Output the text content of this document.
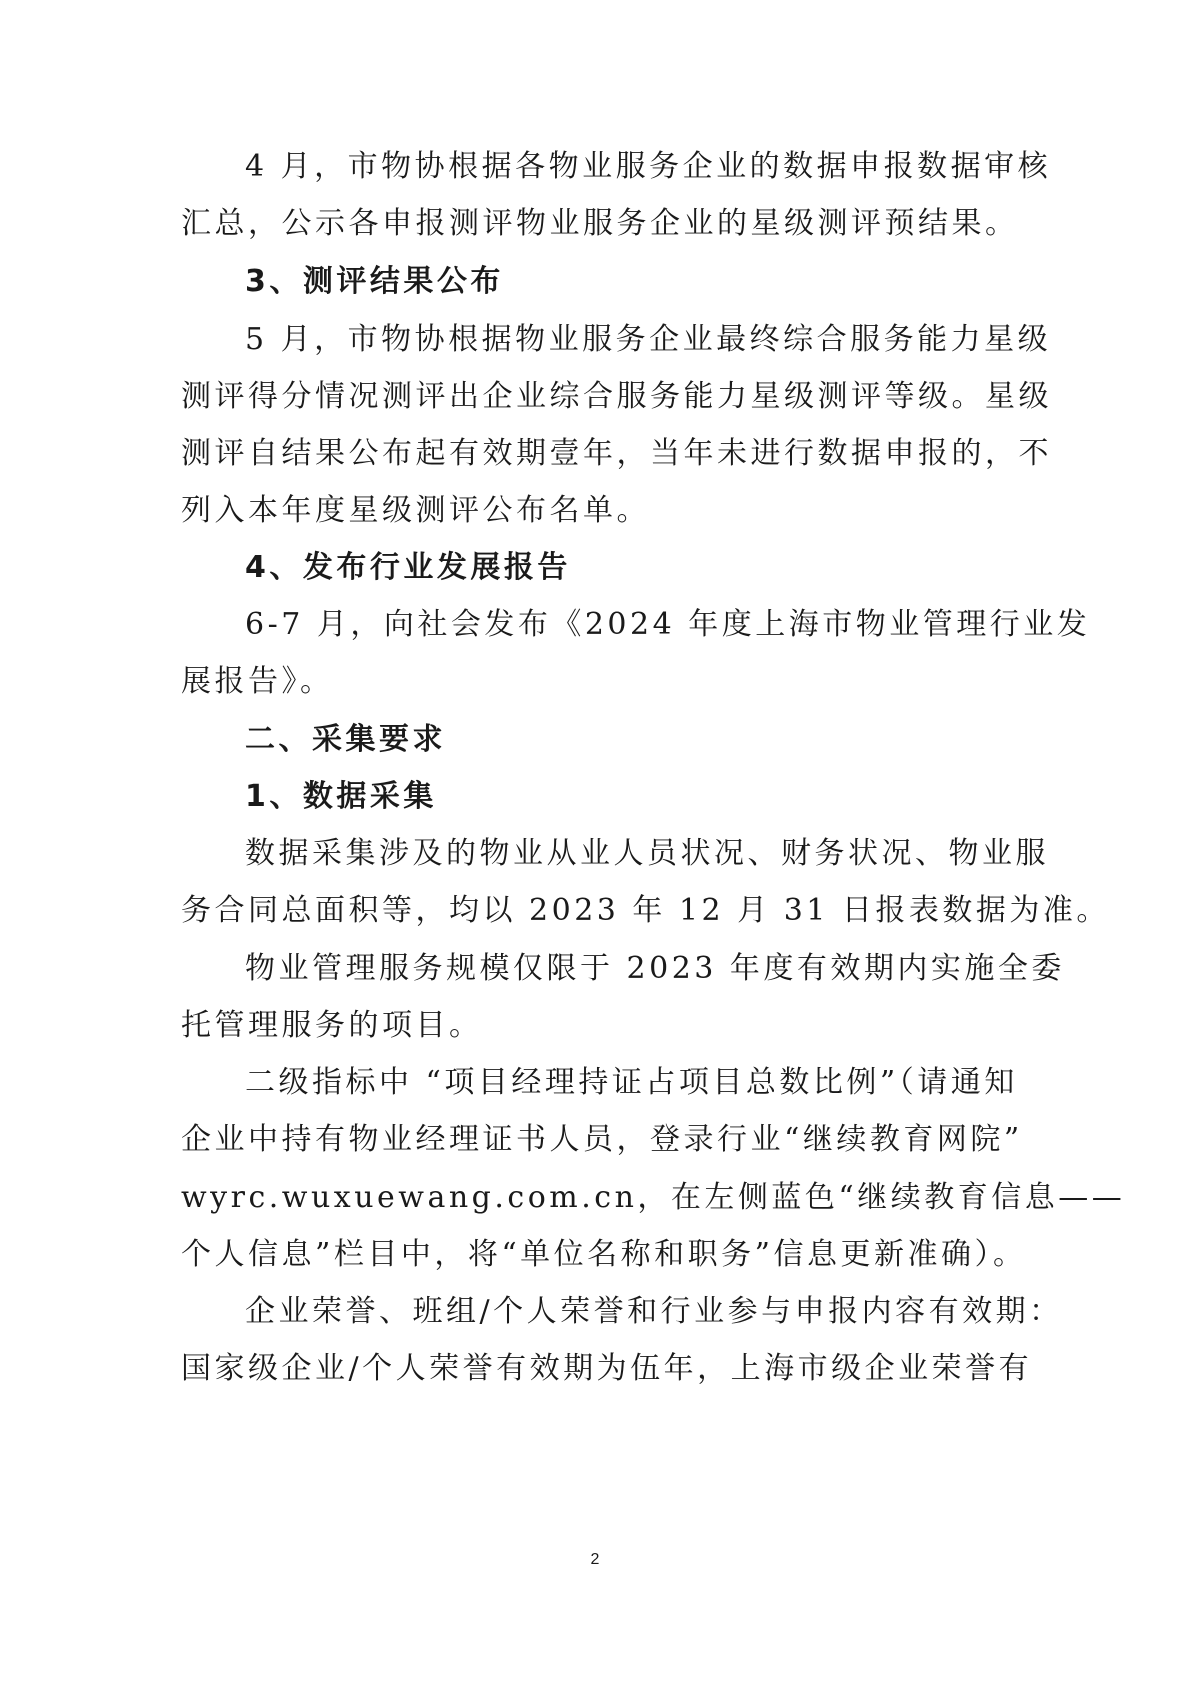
4 月，市物协根据各物业服务企业的数据申报数据审核
汇总，公示各申报测评物业服务企业的星级测评预结果。
3、测评结果公布
5 月，市物协根据物业服务企业最终综合服务能力星级
测评得分情况测评出企业综合服务能力星级测评等级。星级
测评自结果公布起有效期壹年，当年未进行数据申报的，不
列入本年度星级测评公布名单。
4、发布行业发展报告
6-7 月，向社会发布《2024 年度上海市物业管理行业发
展报告》。
二、采集要求
1、数据采集
数据采集涉及的物业从业人员状况、财务状况、物业服
务合同总面积等，均以 2023 年 12 月 31 日报表数据为准。
物业管理服务规模仅限于 2023 年度有效期内实施全委
托管理服务的项目。
二级指标中 “项目经理持证占项目总数比例”（请通知
企业中持有物业经理证书人员，登录行业“继续教育网院”
wyrc.wuxuewang.com.cn，在左侧蓝色“继续教育信息——
个人信息”栏目中，将“单位名称和职务”信息更新准确）。
企业荣誉、班组/个人荣誉和行业参与申报内容有效期：
国家级企业/个人荣誉有效期为伍年，上海市级企业荣誉有
2
